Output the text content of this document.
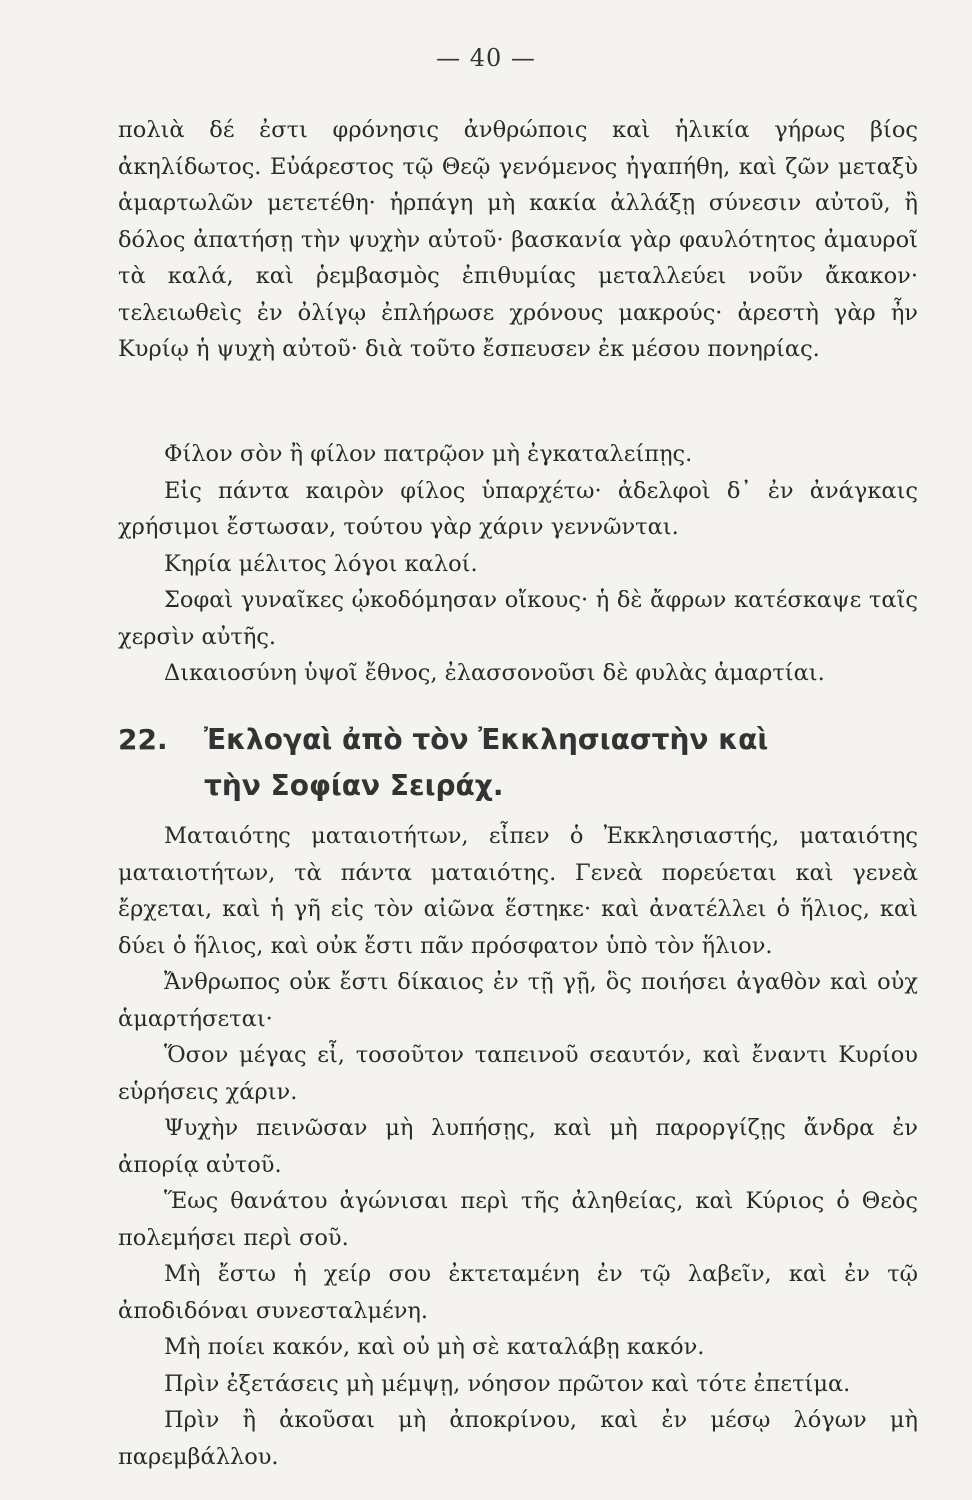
— 40 —

πολιὰ δέ ἐστι φρόνησις ἀνθρώποις καὶ ἡλικία γήρως βίος ἀκηλίδωτος. Εὐάρεστος τῷ Θεῷ γενόμενος ἠγαπήθη, καὶ ζῶν μεταξὺ ἁμαρτωλῶν μετετέθη· ἡρπάγη μὴ κακία ἀλλάξῃ σύνεσιν αὐτοῦ, ἢ δόλος ἀπατήσῃ τὴν ψυχὴν αὐτοῦ· βασκανία γὰρ φαυλότητος ἀμαυροῖ τὰ καλά, καὶ ῥεμβασμὸς ἐπιθυμίας μεταλλεύει νοῦν ἄκακον· τελειωθεὶς ἐν ὀλίγῳ ἐπλήρωσε χρόνους μακρούς· ἀρεστὴ γὰρ ἦν Κυρίῳ ἡ ψυχὴ αὐτοῦ· διὰ τοῦτο ἔσπευσεν ἐκ μέσου πονηρίας.

Φίλον σὸν ἢ φίλον πατρῷον μὴ ἐγκαταλείπῃς.

Εἰς πάντα καιρὸν φίλος ὑπαρχέτω· ἀδελφοὶ δ᾽ ἐν ἀνάγκαις χρήσιμοι ἔστωσαν, τούτου γὰρ χάριν γεννῶνται.

Κηρία μέλιτος λόγοι καλοί.

Σοφαὶ γυναῖκες ᾠκοδόμησαν οἴκους· ἡ δὲ ἄφρων κατέσκαψε ταῖς χερσὶν αὐτῆς.

Δικαιοσύνη ὑψοῖ ἔθνος, ἐλασσονοῦσι δὲ φυλὰς ἁμαρτίαι.

22. Ἐκλογαὶ ἀπὸ τὸν Ἐκκλησιαστὴν καὶ
τὴν Σοφίαν Σειράχ.

Ματαιότης ματαιοτήτων, εἶπεν ὁ Ἐκκλησιαστής, ματαιότης ματαιοτήτων, τὰ πάντα ματαιότης. Γενεὰ πορεύεται καὶ γενεὰ ἔρχεται, καὶ ἡ γῆ εἰς τὸν αἰῶνα ἕστηκε· καὶ ἀνατέλλει ὁ ἥλιος, καὶ δύει ὁ ἥλιος, καὶ οὐκ ἔστι πᾶν πρόσφατον ὑπὸ τὸν ἥλιον.

Ἄνθρωπος οὐκ ἔστι δίκαιος ἐν τῇ γῇ, ὃς ποιήσει ἀγαθὸν καὶ οὐχ ἁμαρτήσεται·

Ὅσον μέγας εἶ, τοσοῦτον ταπεινοῦ σεαυτόν, καὶ ἔναντι Κυρίου εὑρήσεις χάριν.

Ψυχὴν πεινῶσαν μὴ λυπήσῃς, καὶ μὴ παροργίζῃς ἄνδρα ἐν ἀπορίᾳ αὐτοῦ.

Ἕως θανάτου ἀγώνισαι περὶ τῆς ἀληθείας, καὶ Κύριος ὁ Θεὸς πολεμήσει περὶ σοῦ.

Μὴ ἔστω ἡ χείρ σου ἐκτεταμένη ἐν τῷ λαβεῖν, καὶ ἐν τῷ ἀποδιδόναι συνεσταλμένη.

Μὴ ποίει κακόν, καὶ οὐ μὴ σὲ καταλάβῃ κακόν.

Πρὶν ἐξετάσεις μὴ μέμψῃ, νόησον πρῶτον καὶ τότε ἐπετίμα.

Πρὶν ἢ ἀκοῦσαι μὴ ἀποκρίνου, καὶ ἐν μέσῳ λόγων μὴ παρεμβάλλου.
